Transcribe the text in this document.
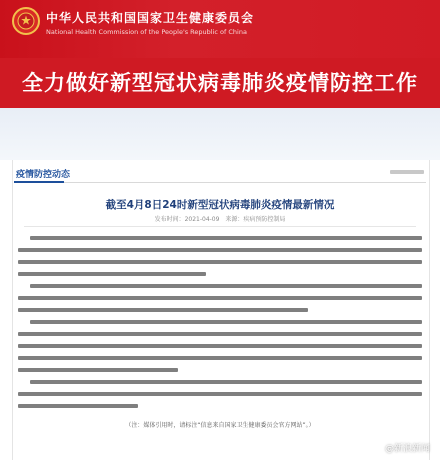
中华人民共和国国家卫生健康委员会
National Health Commission of the People's Republic of China
全力做好新型冠状病毒肺炎疫情防控工作
疫情防控动态
截至4月8日24时新型冠状病毒肺炎疫情最新情况
发布时间：2021-04-09　来源：疾病预防控制局
（注：媒体引用时，请标注“信息来自国家卫生健康委员会官方网站”。）
@新浪新闻
